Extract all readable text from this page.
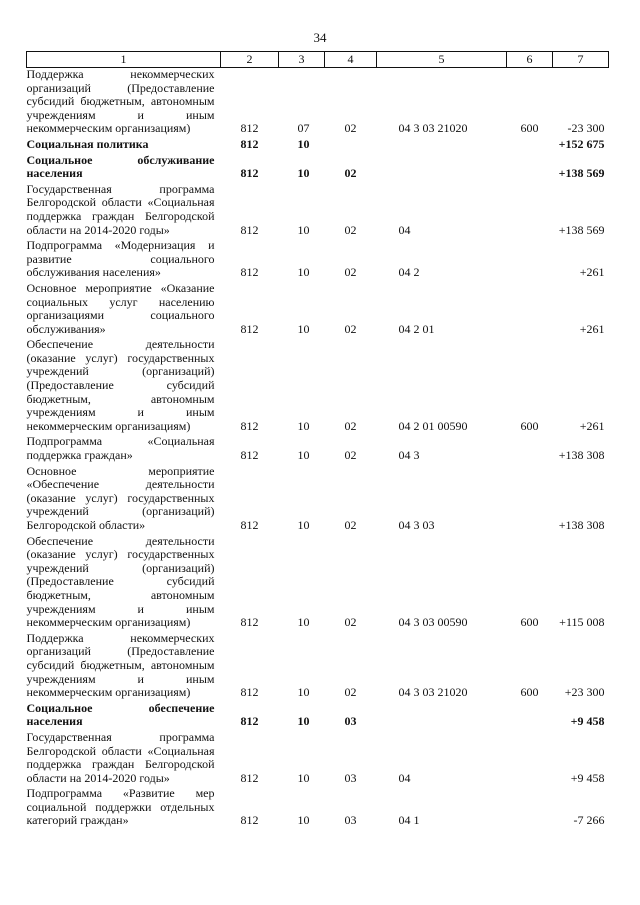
34
1	2	3	4	5	6	7
Поддержка некоммерческих организаций (Предоставление субсидий бюджетным, автономным учреждениям и иным некоммерческим организациям)	812	07	02	04 3 03 21020	600	-23 300
Социальная политика	812	10				+152 675
Социальное обслуживание населения	812	10	02			+138 569
Государственная программа Белгородской области «Социальная поддержка граждан Белгородской области на 2014-2020 годы»	812	10	02	04		+138 569
Подпрограмма «Модернизация и развитие социального обслуживания населения»	812	10	02	04 2		+261
Основное мероприятие «Оказание социальных услуг населению организациями социального обслуживания»	812	10	02	04 2 01		+261
Обеспечение деятельности (оказание услуг) государственных учреждений (организаций) (Предоставление субсидий бюджетным, автономным учреждениям и иным некоммерческим организациям)	812	10	02	04 2 01 00590	600	+261
Подпрограмма «Социальная поддержка граждан»	812	10	02	04 3		+138 308
Основное мероприятие «Обеспечение деятельности (оказание услуг) государственных учреждений (организаций) Белгородской области»	812	10	02	04 3 03		+138 308
Обеспечение деятельности (оказание услуг) государственных учреждений (организаций) (Предоставление субсидий бюджетным, автономным учреждениям и иным некоммерческим организациям)	812	10	02	04 3 03 00590	600	+115 008
Поддержка некоммерческих организаций (Предоставление субсидий бюджетным, автономным учреждениям и иным некоммерческим организациям)	812	10	02	04 3 03 21020	600	+23 300
Социальное обеспечение населения	812	10	03			+9 458
Государственная программа Белгородской области «Социальная поддержка граждан Белгородской области на 2014-2020 годы»	812	10	03	04		+9 458
Подпрограмма «Развитие мер социальной поддержки отдельных категорий граждан»	812	10	03	04 1		-7 266
